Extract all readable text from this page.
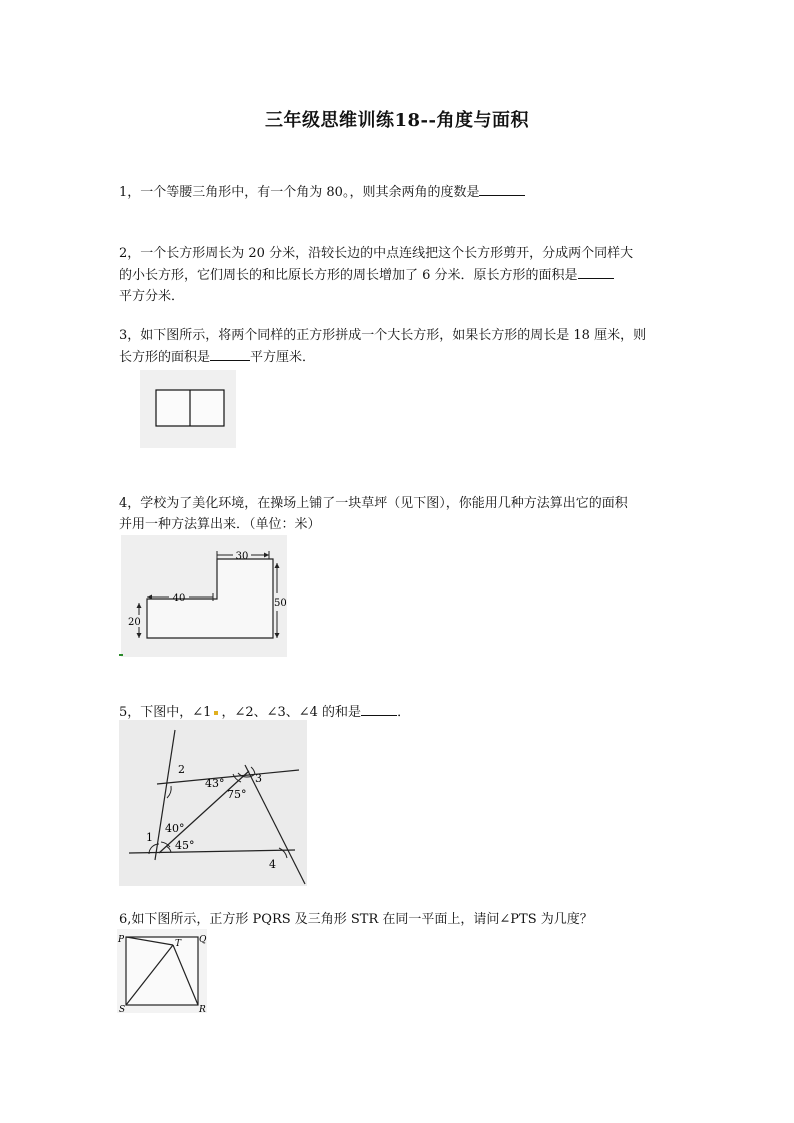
三年级思维训练18--角度与面积
1，一个等腰三角形中，有一个角为 80。，则其余两角的度数是
2，一个长方形周长为 20 分米，沿较长边的中点连线把这个长方形剪开，分成两个同样大
的小长方形，它们周长的和比原长方形的周长增加了 6 分米．原长方形的面积是
平方分米．
3，如下图所示，将两个同样的正方形拼成一个大长方形，如果长方形的周长是 18 厘米，则
长方形的面积是	平方厘米．
4，学校为了美化环境，在操场上铺了一块草坪（见下图），你能用几种方法算出它的面积
并用一种方法算出来．（单位：米）
30
40	50
20
5，下图中，∠1 ，∠2、∠3、∠4 的和是	．
2
3
43°
75°
40°
1
45°
4
6,如下图所示，正方形 PQRS 及三角形 STR 在同一平面上，请问∠PTS 为几度？
P	Q
R
S
T
